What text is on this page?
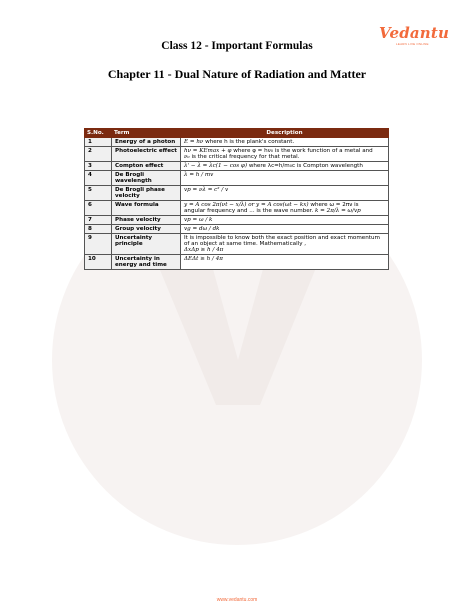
Vedantu
LEARN LIVE ONLINE
Class 12 - Important Formulas
Chapter 11 - Dual Nature of Radiation and Matter
S.No.	Term	Description
1	Energy of a photon	E = hν where h is the plank's constant.
2	Photoelectric effect	hν = KEmax + φ where φ = hν₀ is the work function of a metal and
ν₀ is the critical frequency for that metal.
3	Compton effect	λ' − λ = λc(1 − cos φ) where λc=h/m₀c is Compton wavelength
4	De Brogli wavelength	λ = h / mv
5	De Brogli phase velocity	vp = νλ = c² / v
6	Wave formula	y = A cos 2π(νt − x/λ) or y = A cos(ωt − kx) where ω = 2πν is
angular frequency and ... is the wave number. k = 2π/λ = ω/vp
7	Phase velocity	vp = ω / k
8	Group velocity	vg = dω / dk
9	Uncertainty principle	It is impossible to know both the exact position and exact momentum of an object at same time. Mathematically ,
ΔxΔp ≥ h / 4π
10	Uncertainty in energy and time	ΔEΔt ≥ h / 4π
www.vedantu.com
